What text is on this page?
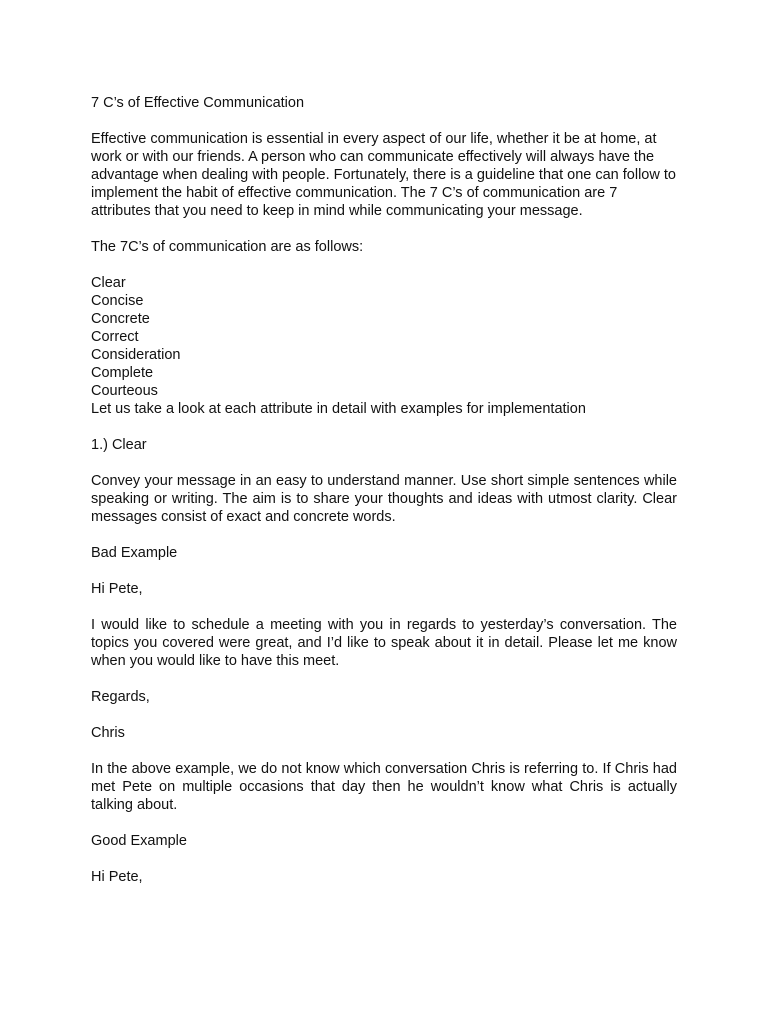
7 C’s of Effective Communication

Effective communication is essential in every aspect of our life, whether it be at home, at work or with our friends. A person who can communicate effectively will always have the advantage when dealing with people. Fortunately, there is a guideline that one can follow to implement the habit of effective communication. The 7 C’s of communication are 7 attributes that you need to keep in mind while communicating your message.

The 7C’s of communication are as follows:

Clear
Concise
Concrete
Correct
Consideration
Complete
Courteous

Let us take a look at each attribute in detail with examples for implementation

1.) Clear

Convey your message in an easy to understand manner. Use short simple sentences while speaking or writing. The aim is to share your thoughts and ideas with utmost clarity. Clear messages consist of exact and concrete words.

Bad Example

Hi Pete,

I would like to schedule a meeting with you in regards to yesterday’s conversation. The topics you covered were great, and I’d like to speak about it in detail. Please let me know when you would like to have this meet.

Regards,

Chris

In the above example, we do not know which conversation Chris is referring to. If Chris had met Pete on multiple occasions that day then he wouldn’t know what Chris is actually talking about.

Good Example

Hi Pete,
